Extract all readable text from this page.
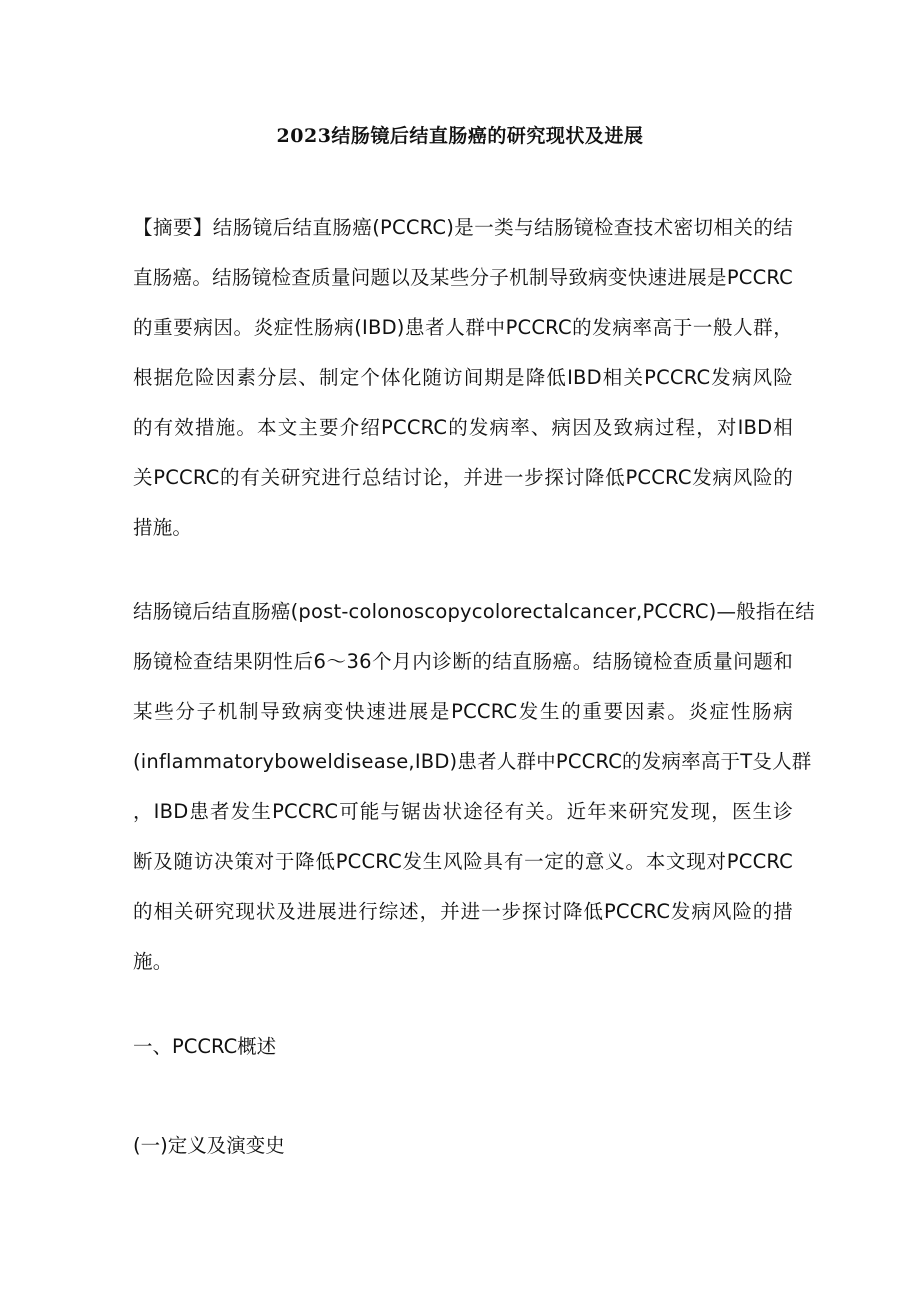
2023结肠镜后结直肠癌的研究现状及进展
【摘要】结肠镜后结直肠癌(PCCRC)是一类与结肠镜检查技术密切相关的结
直肠癌。结肠镜检查质量问题以及某些分子机制导致病变快速进展是PCCRC
的重要病因。炎症性肠病(IBD)患者人群中PCCRC的发病率高于一般人群，
根据危险因素分层、制定个体化随访间期是降低IBD相关PCCRC发病风险
的有效措施。本文主要介绍PCCRC的发病率、病因及致病过程，对IBD相
关PCCRC的有关研究进行总结讨论，并进一步探讨降低PCCRC发病风险的
措施。
结肠镜后结直肠癌(post-colonoscopycolorectalcancer,PCCRC)—般指在结
肠镜检查结果阴性后6～36个月内诊断的结直肠癌。结肠镜检查质量问题和
某些分子机制导致病变快速进展是PCCRC发生的重要因素。炎症性肠病
(inflammatoryboweldisease,IBD)患者人群中PCCRC的发病率高于T殳人群
，IBD患者发生PCCRC可能与锯齿状途径有关。近年来研究发现，医生诊
断及随访决策对于降低PCCRC发生风险具有一定的意义。本文现对PCCRC
的相关研究现状及进展进行综述，并进一步探讨降低PCCRC发病风险的措
施。
一、PCCRC概述
(一)定义及演变史
